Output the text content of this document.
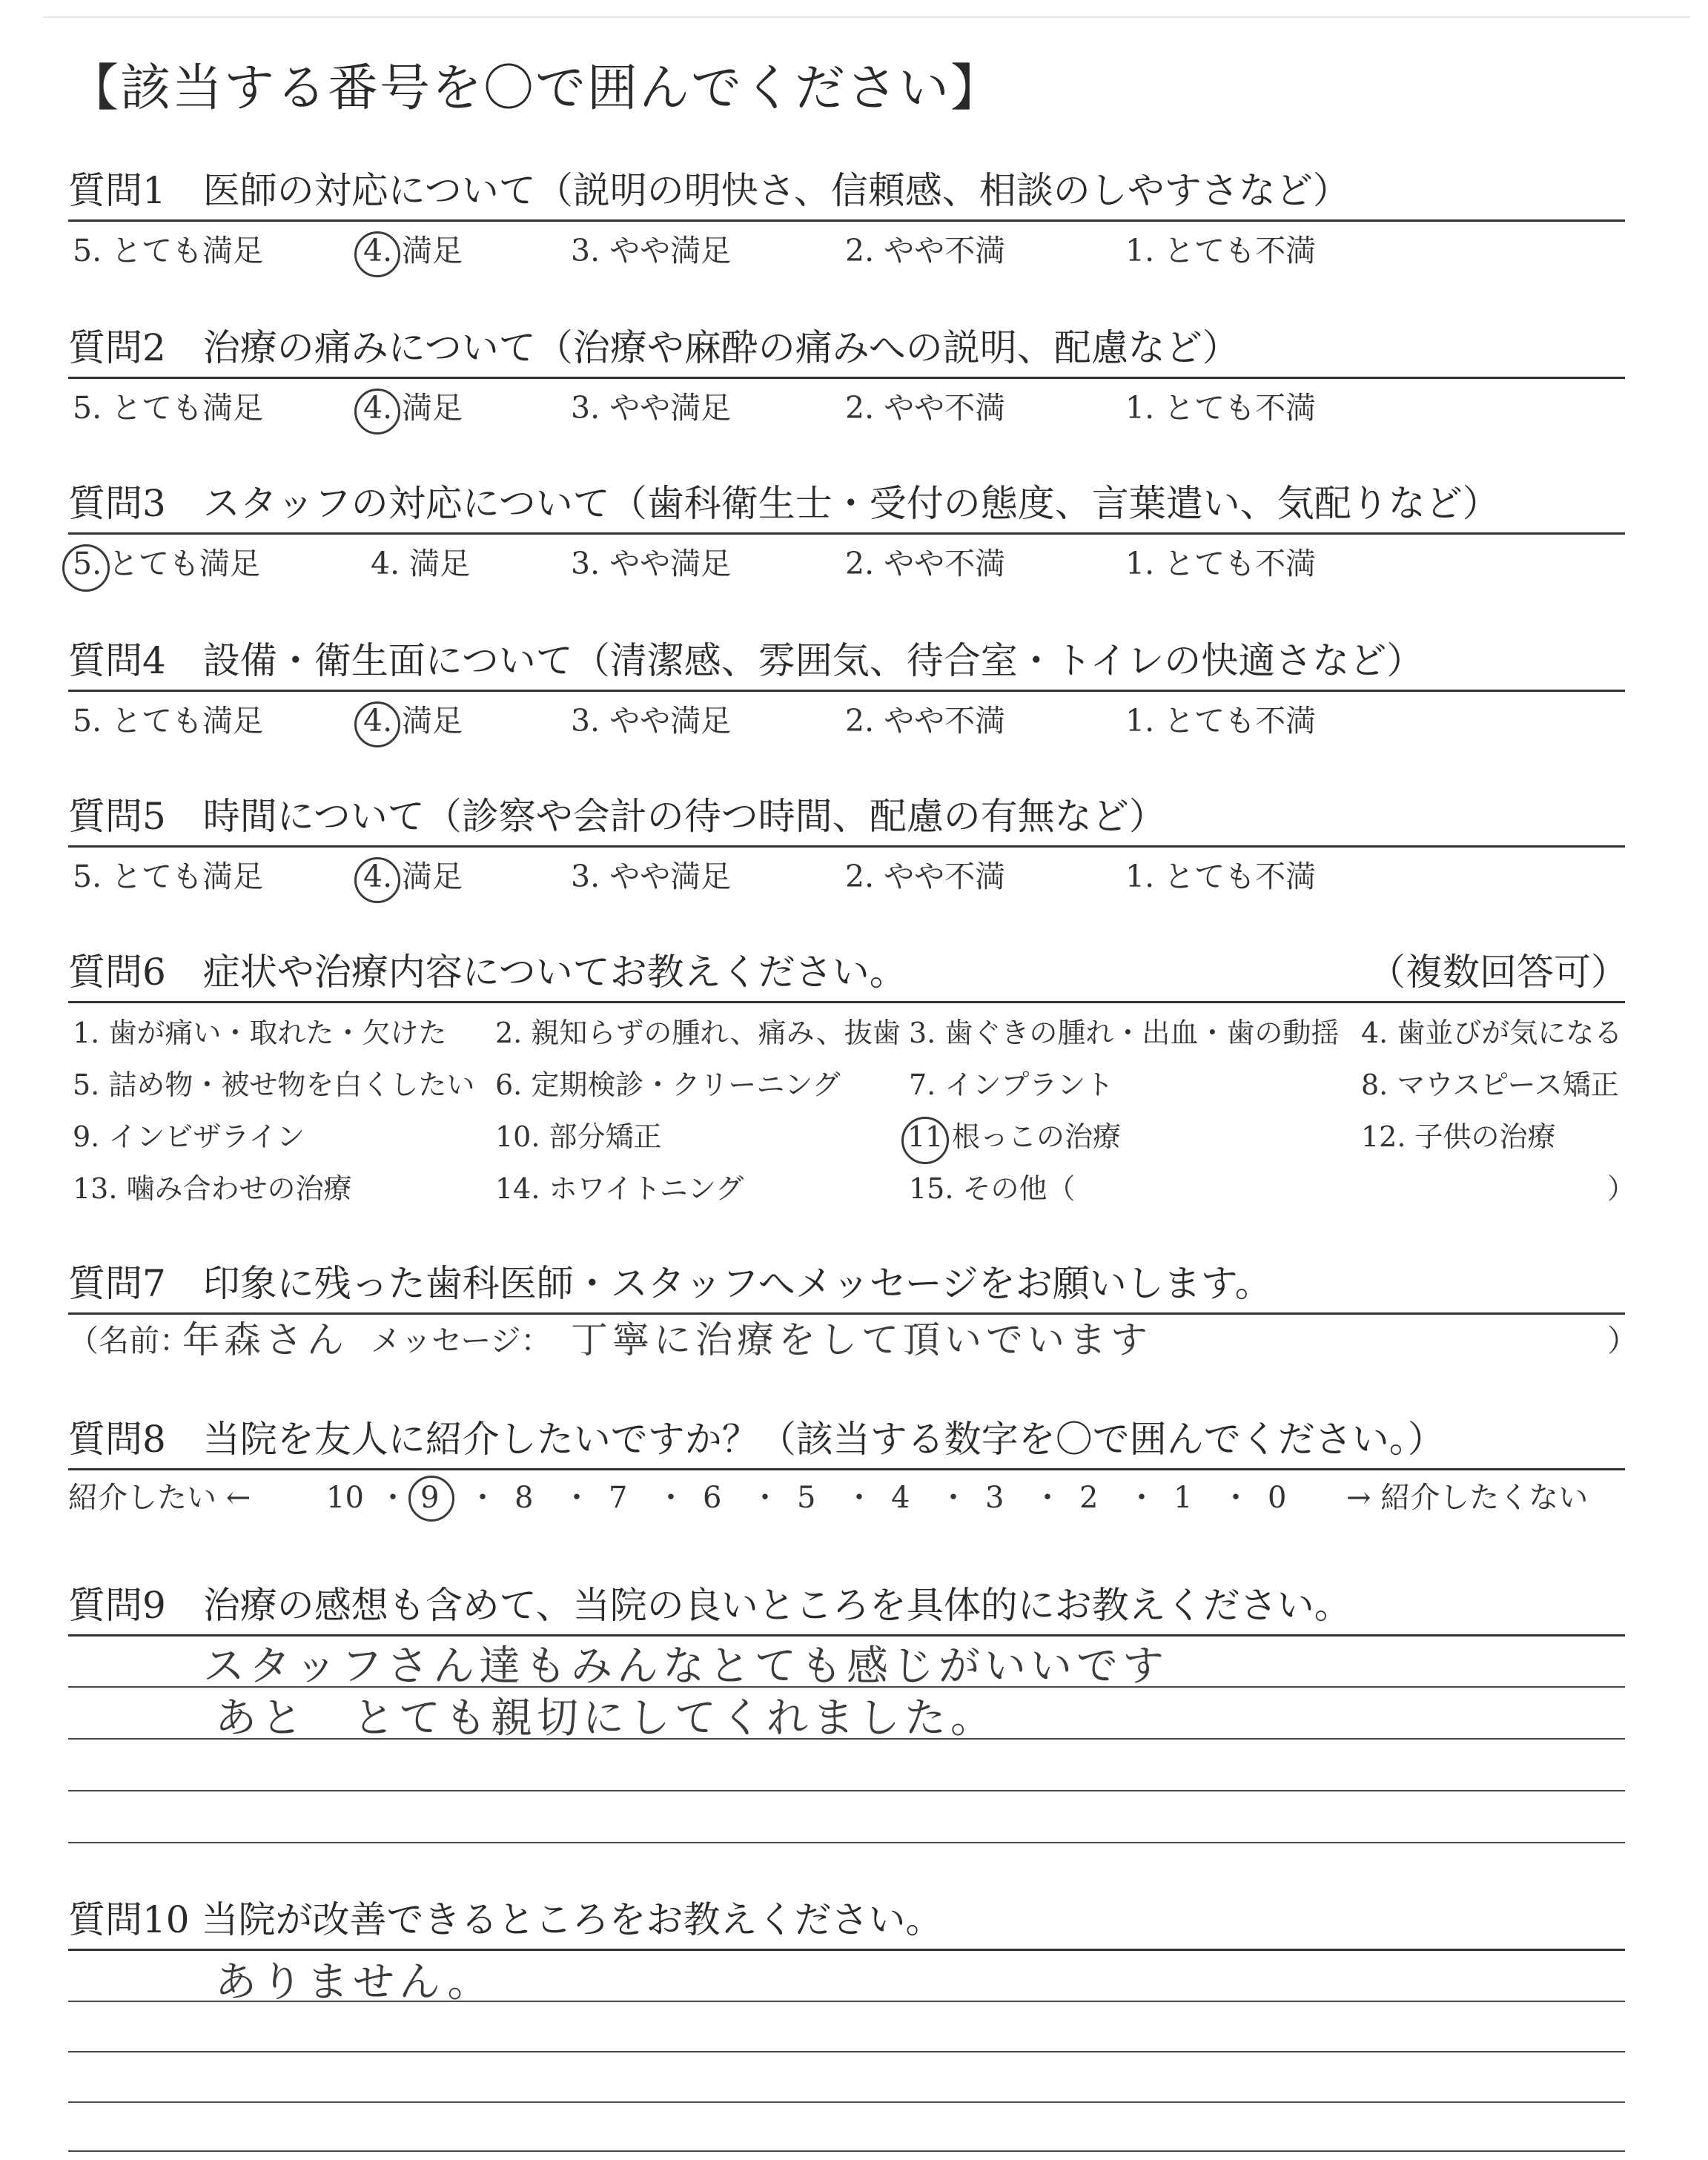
【該当する番号を〇で囲んでください】
質問1　医師の対応について（説明の明快さ、信頼感、相談のしやすさなど）
5. とても満足	4. 満足	3. やや満足	2. やや不満	1. とても不満
質問2　治療の痛みについて（治療や麻酔の痛みへの説明、配慮など）
5. とても満足	4. 満足	3. やや満足	2. やや不満	1. とても不満
質問3　スタッフの対応について（歯科衛生士・受付の態度、言葉遣い、気配りなど）
5. とても満足	4. 満足	3. やや満足	2. やや不満	1. とても不満
質問4　設備・衛生面について（清潔感、雰囲気、待合室・トイレの快適さなど）
5. とても満足	4. 満足	3. やや満足	2. やや不満	1. とても不満
質問5　時間について（診察や会計の待つ時間、配慮の有無など）
5. とても満足	4. 満足	3. やや満足	2. やや不満	1. とても不満
質問6　症状や治療内容についてお教えください。	（複数回答可）
1. 歯が痛い・取れた・欠けた 2. 親知らずの腫れ、痛み、抜歯 3. 歯ぐきの腫れ・出血・歯の動揺 4. 歯並びが気になる
5. 詰め物・被せ物を白くしたい 6. 定期検診・クリーニング 7. インプラント	8. マウスピース矯正
9. インビザライン	10. 部分矯正	11 根っこの治療	12. 子供の治療
13. 噛み合わせの治療	14. ホワイトニング	15. その他（	）
質問7　印象に残った歯科医師・スタッフへメッセージをお願いします。
（名前：
年森さん メッセージ： 丁寧に治療をして頂いでいます	）
質問8　当院を友人に紹介したいですか？（該当する数字を〇で囲んでください。）
紹介したい ←	10 ・ 9 ・ 8 ・ 7 ・ 6 ・ 5 ・ 4 ・ 3 ・ 2 ・ 1 ・ 0 → 紹介したくない
質問9　治療の感想も含めて、当院の良いところを具体的にお教えください。
スタッフさん達もみんなとても感じがいいです
あと　とても親切にしてくれました。
質問10 当院が改善できるところをお教えください。
ありません。
